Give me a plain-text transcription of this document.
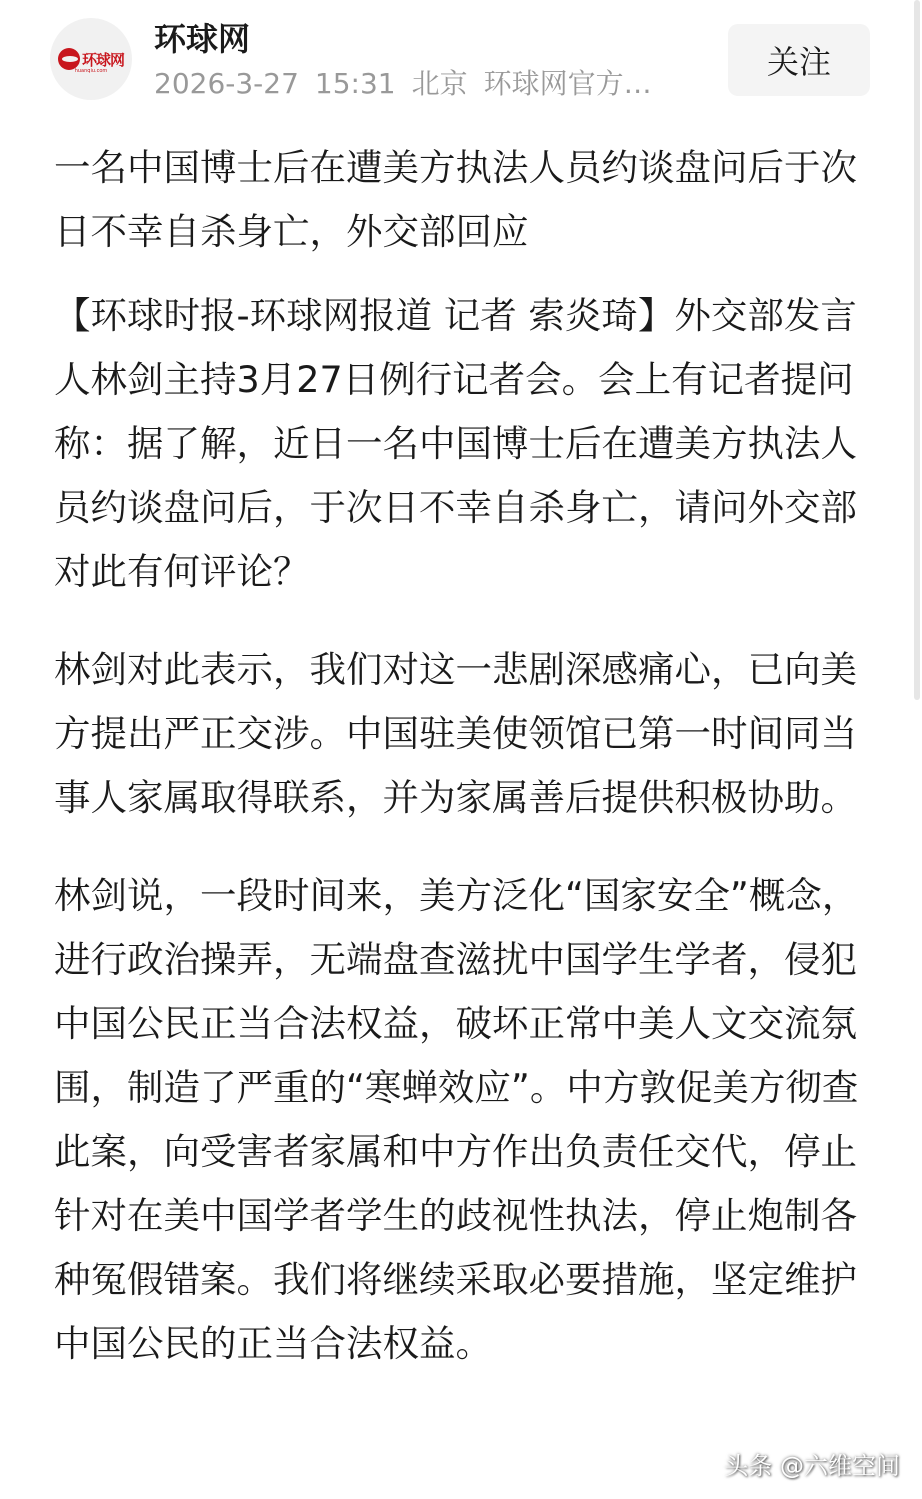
环球网
huanqiu.com
环球网
2026-3-27 15:31 北京 环球网官方…
关注
一名中国博士后在遭美方执法人员约谈盘问后于次日不幸自杀身亡，外交部回应

【环球时报-环球网报道 记者 索炎琦】外交部发言人林剑主持3月27日例行记者会。会上有记者提问称：据了解，近日一名中国博士后在遭美方执法人员约谈盘问后，于次日不幸自杀身亡，请问外交部对此有何评论？

林剑对此表示，我们对这一悲剧深感痛心，已向美方提出严正交涉。中国驻美使领馆已第一时间同当事人家属取得联系，并为家属善后提供积极协助。

林剑说，一段时间来，美方泛化“国家安全”概念，进行政治操弄，无端盘查滋扰中国学生学者，侵犯中国公民正当合法权益，破坏正常中美人文交流氛围，制造了严重的“寒蝉效应”。中方敦促美方彻查此案，向受害者家属和中方作出负责任交代，停止针对在美中国学者学生的歧视性执法，停止炮制各种冤假错案。我们将继续采取必要措施，坚定维护中国公民的正当合法权益。

头条 @六维空间
